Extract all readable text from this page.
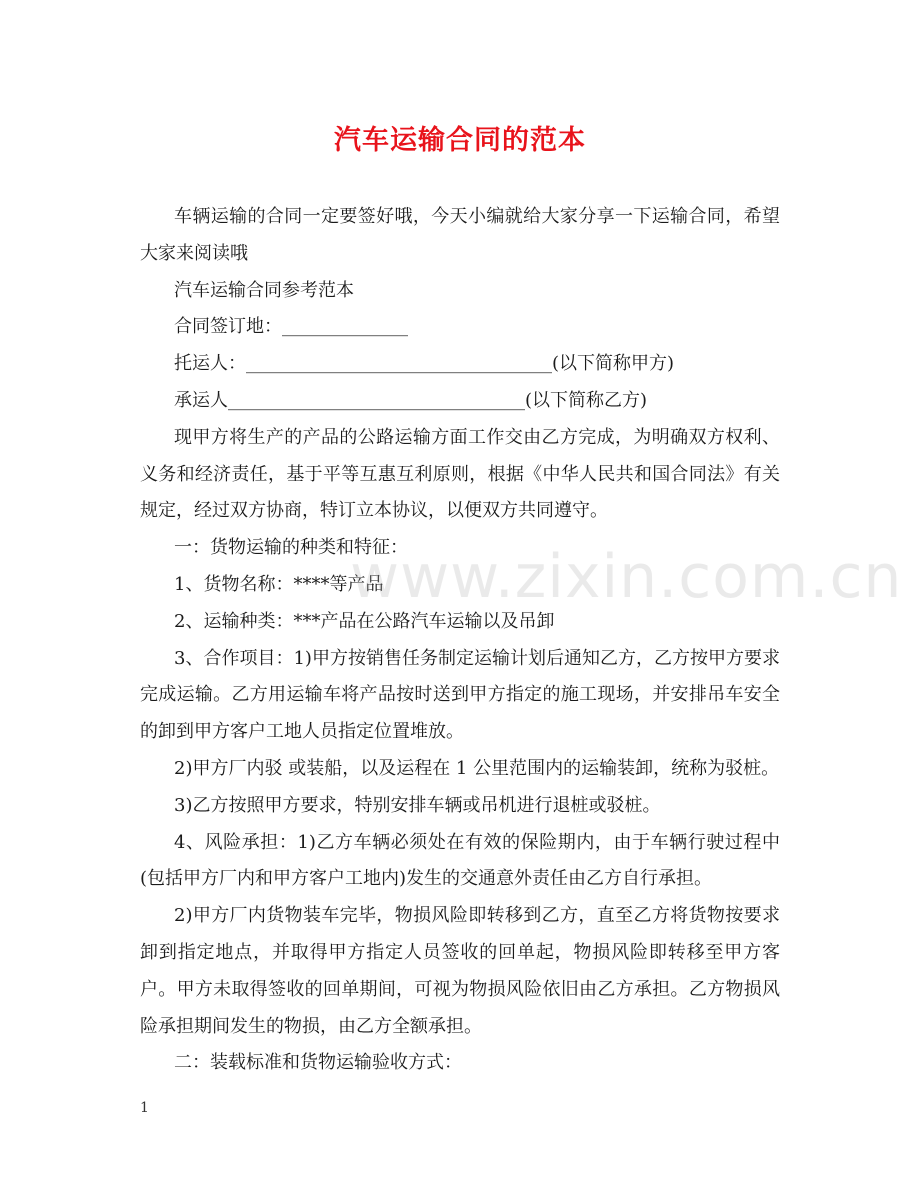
汽车运输合同的范本

车辆运输的合同一定要签好哦，今天小编就给大家分享一下运输合同，希望大家来阅读哦

汽车运输合同参考范本

合同签订地：______________

托运人：__________________________________(以下简称甲方)

承运人_________________________________(以下简称乙方)

现甲方将生产的产品的公路运输方面工作交由乙方完成，为明确双方权利、义务和经济责任，基于平等互惠互利原则，根据《中华人民共和国合同法》有关规定，经过双方协商，特订立本协议，以便双方共同遵守。

一：货物运输的种类和特征：

1、货物名称：****等产品

2、运输种类：***产品在公路汽车运输以及吊卸

3、合作项目：1)甲方按销售任务制定运输计划后通知乙方，乙方按甲方要求完成运输。乙方用运输车将产品按时送到甲方指定的施工现场，并安排吊车安全的卸到甲方客户工地人员指定位置堆放。

2)甲方厂内驳 或装船，以及运程在 1 公里范围内的运输装卸，统称为驳桩。

3)乙方按照甲方要求，特别安排车辆或吊机进行退桩或驳桩。

4、风险承担：1)乙方车辆必须处在有效的保险期内，由于车辆行驶过程中(包括甲方厂内和甲方客户工地内)发生的交通意外责任由乙方自行承担。

2)甲方厂内货物装车完毕，物损风险即转移到乙方，直至乙方将货物按要求卸到指定地点，并取得甲方指定人员签收的回单起，物损风险即转移至甲方客户。甲方未取得签收的回单期间，可视为物损风险依旧由乙方承担。乙方物损风险承担期间发生的物损，由乙方全额承担。

二：装载标准和货物运输验收方式：

www.zixin.com.cn
1
